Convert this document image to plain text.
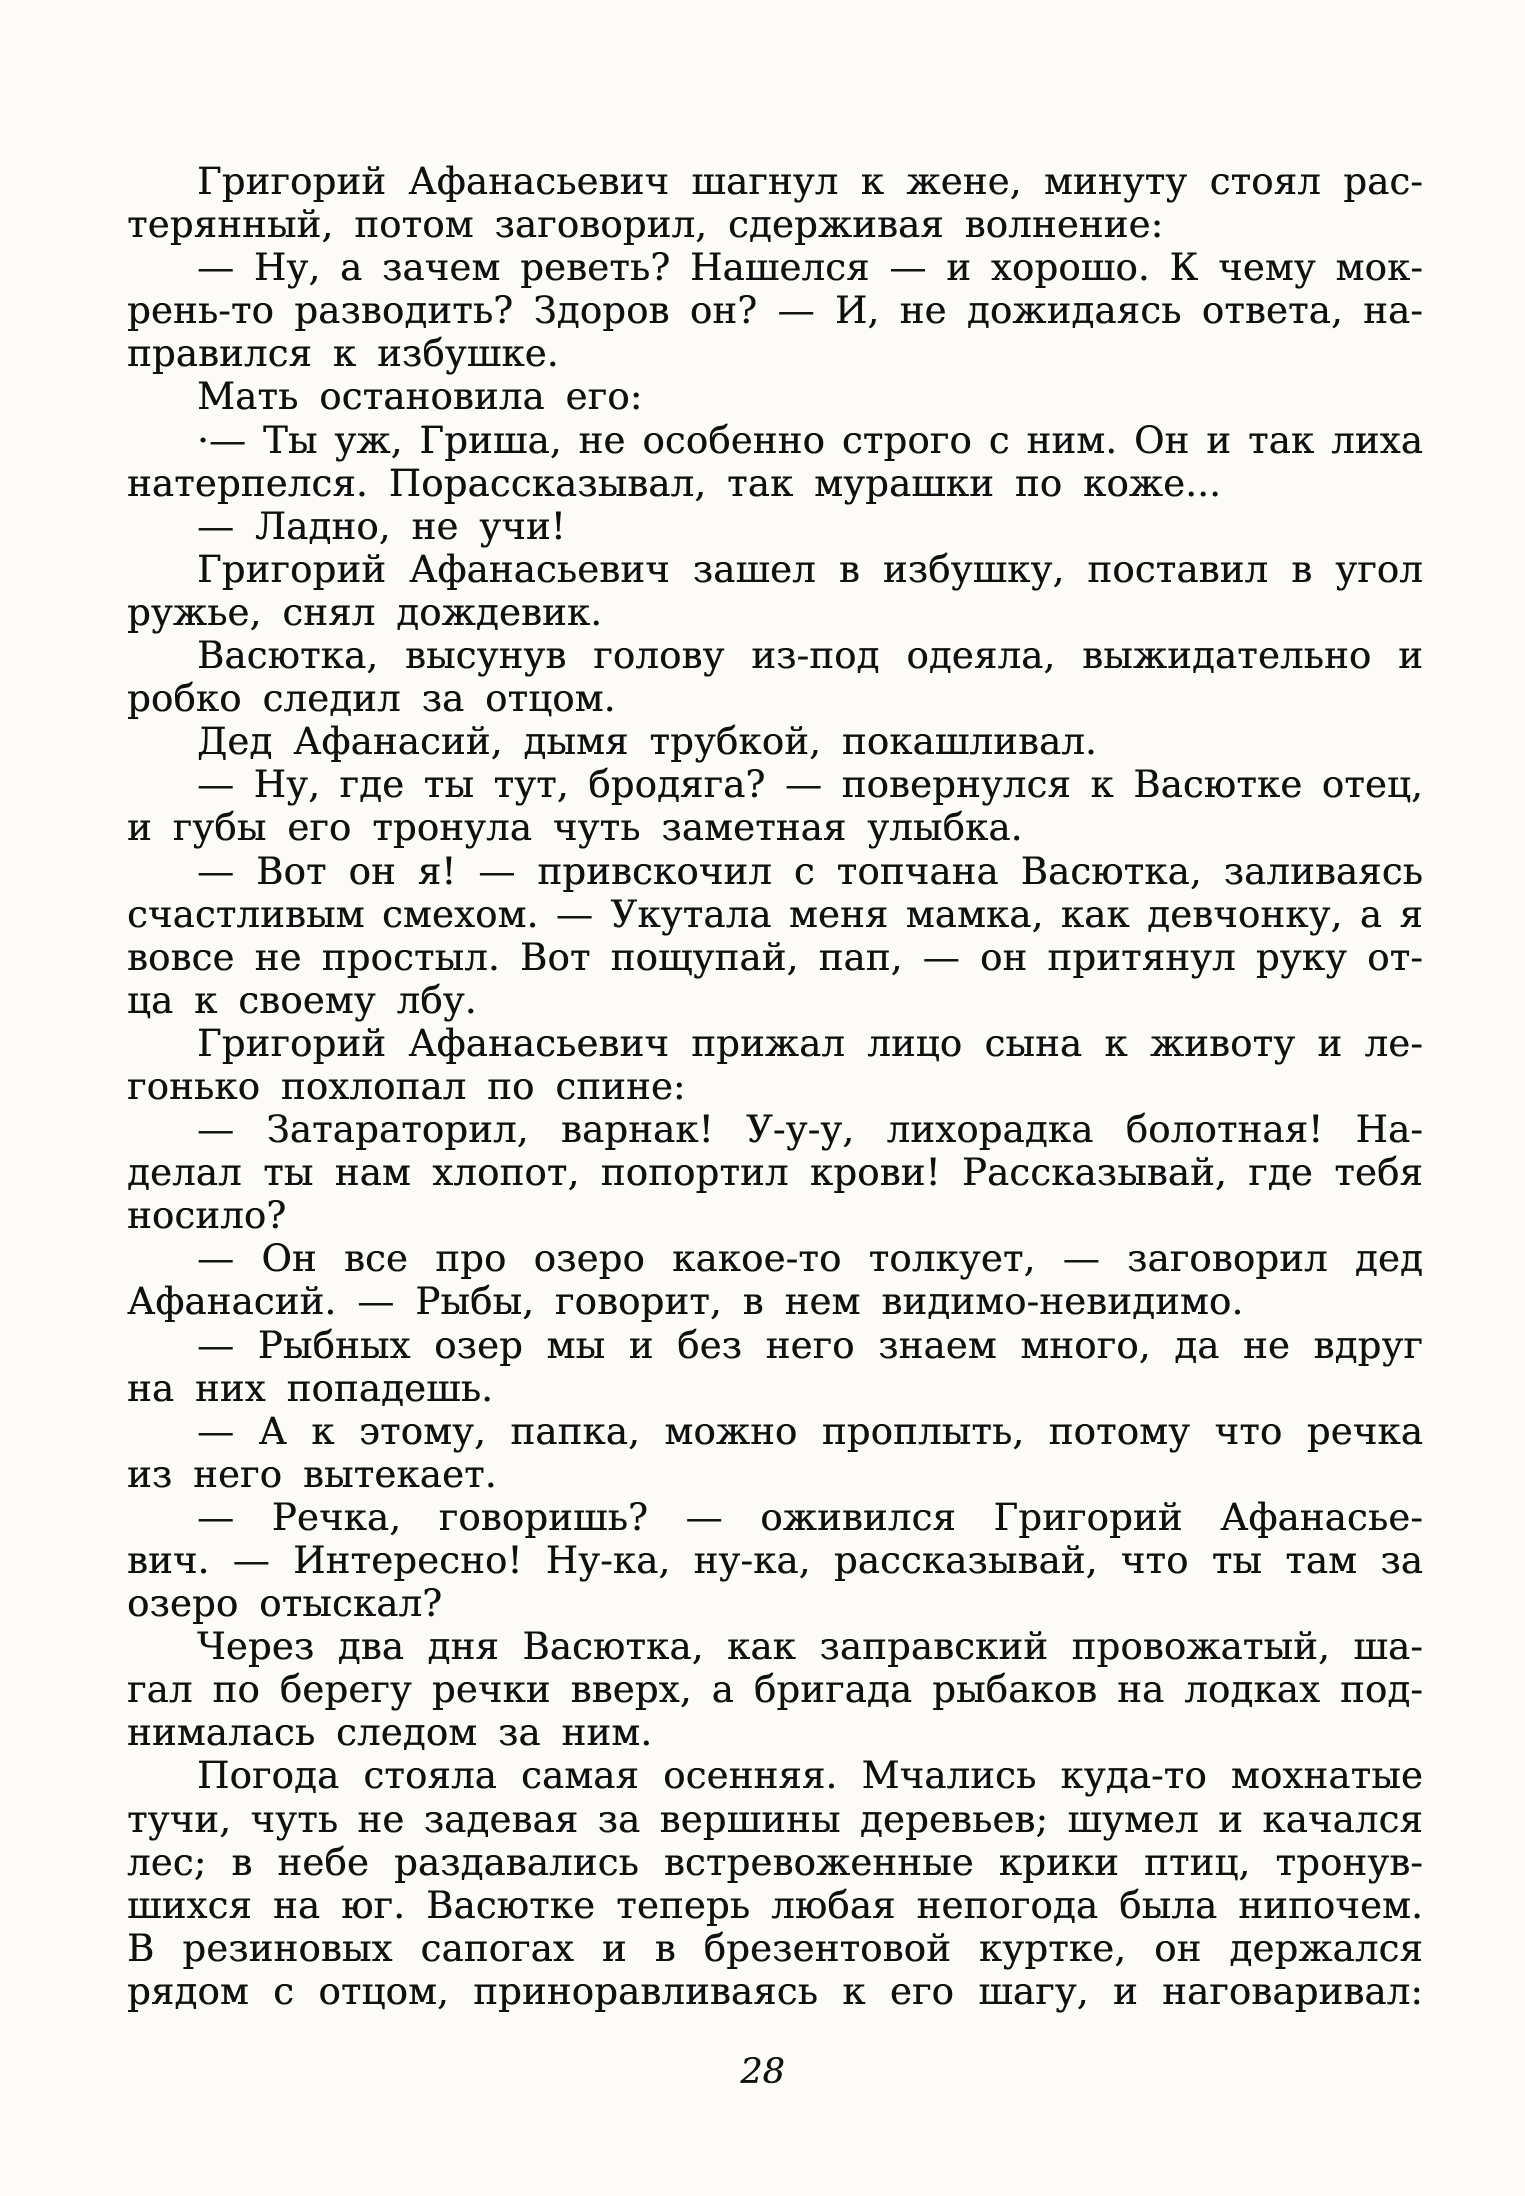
Григорий Афанасьевич шагнул к жене, минуту стоял рас-
терянный, потом заговорил, сдерживая волнение:

— Ну, а зачем реветь? Нашелся — и хорошо. К чему мок-
рень-то разводить? Здоров он? — И, не дожидаясь ответа, на-
правился к избушке.

Мать остановила его:

·— Ты уж, Гриша, не особенно строго с ним. Он и так лиха
натерпелся. Порассказывал, так мурашки по коже...

— Ладно, не учи!

Григорий Афанасьевич зашел в избушку, поставил в угол
ружье, снял дождевик.

Васютка, высунув голову из-под одеяла, выжидательно и
робко следил за отцом.

Дед Афанасий, дымя трубкой, покашливал.

— Ну, где ты тут, бродяга? — повернулся к Васютке отец,
и губы его тронула чуть заметная улыбка.

— Вот он я! — привскочил с топчана Васютка, заливаясь
счастливым смехом. — Укутала меня мамка, как девчонку, а я
вовсе не простыл. Вот пощупай, пап, — он притянул руку от-
ца к своему лбу.

Григорий Афанасьевич прижал лицо сына к животу и ле-
гонько похлопал по спине:

— Затараторил, варнак! У-у-у, лихорадка болотная! На-
делал ты нам хлопот, попортил крови! Рассказывай, где тебя
носило?

— Он все про озеро какое-то толкует, — заговорил дед
Афанасий. — Рыбы, говорит, в нем видимо-невидимо.

— Рыбных озер мы и без него знаем много, да не вдруг
на них попадешь.

— А к этому, папка, можно проплыть, потому что речка
из него вытекает.

— Речка, говоришь? — оживился Григорий Афанасье-
вич. — Интересно! Ну-ка, ну-ка, рассказывай, что ты там за
озеро отыскал?

Через два дня Васютка, как заправский провожатый, ша-
гал по берегу речки вверх, а бригада рыбаков на лодках под-
нималась следом за ним.

Погода стояла самая осенняя. Мчались куда-то мохнатые
тучи, чуть не задевая за вершины деревьев; шумел и качался
лес; в небе раздавались встревоженные крики птиц, тронув-
шихся на юг. Васютке теперь любая непогода была нипочем.
В резиновых сапогах и в брезентовой куртке, он держался
рядом с отцом, приноравливаясь к его шагу, и наговаривал:

28
